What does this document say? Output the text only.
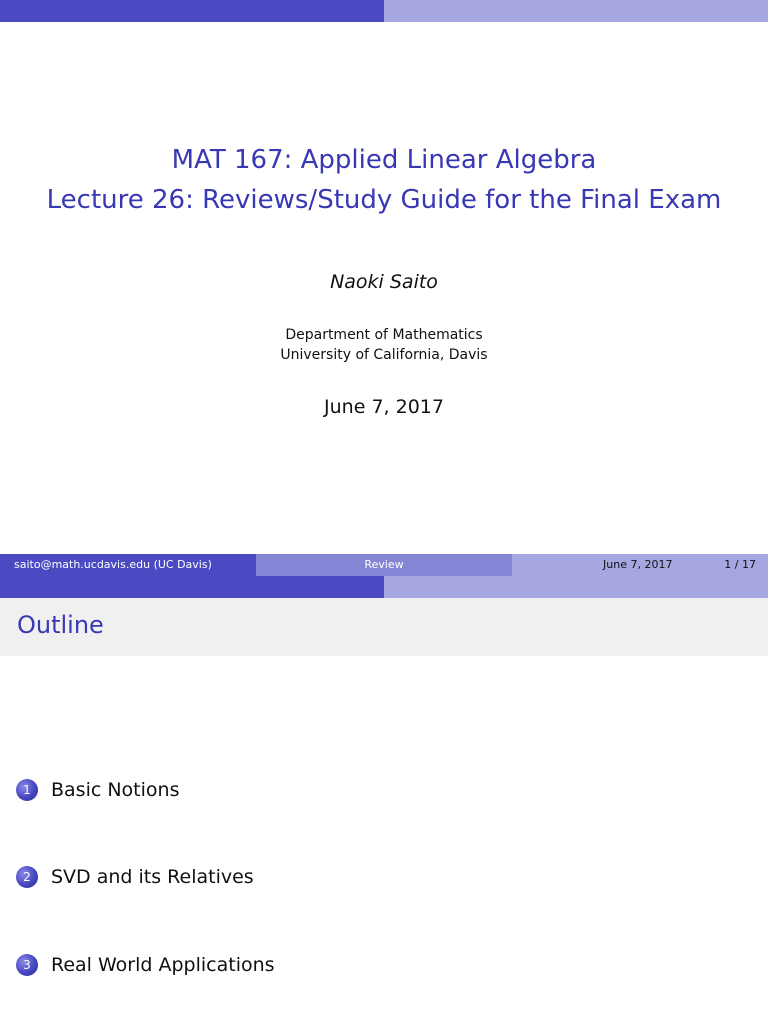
MAT 167: Applied Linear Algebra
Lecture 26: Reviews/Study Guide for the Final Exam
Naoki Saito
Department of Mathematics
University of California, Davis
June 7, 2017
saito@math.ucdavis.edu (UC Davis)	Review	June 7, 2017	1 / 17
Outline
1	Basic Notions
2	SVD and its Relatives
3	Real World Applications
